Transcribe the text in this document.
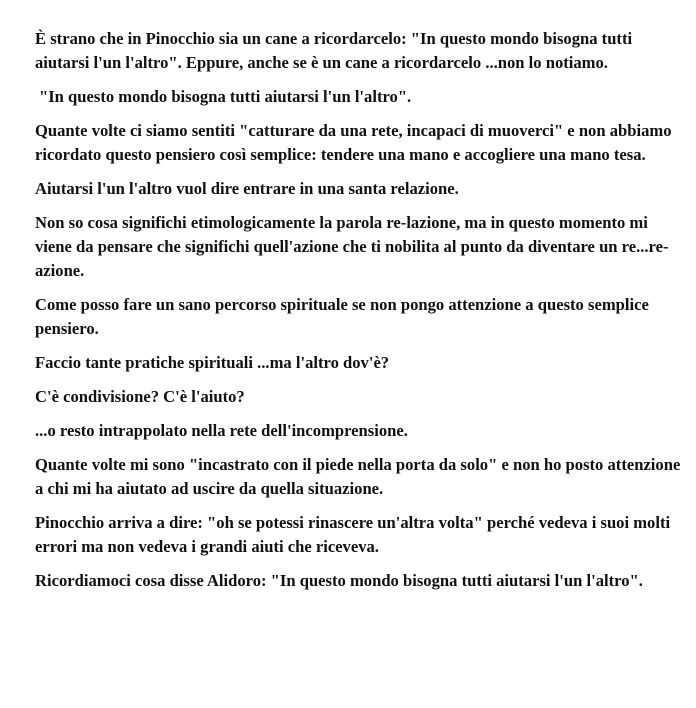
È strano che in Pinocchio sia un cane a ricordarcelo: "In questo mondo bisogna tutti aiutarsi l'un l'altro". Eppure, anche se è un cane a ricordarcelo ...non lo notiamo.

"In questo mondo bisogna tutti aiutarsi l'un l'altro".

Quante volte ci siamo sentiti "catturare da una rete, incapaci di muoverci" e non abbiamo ricordato questo pensiero così semplice: tendere una mano e accogliere una mano tesa.

Aiutarsi l'un l'altro vuol dire entrare in una santa relazione.

Non so cosa significhi etimologicamente la parola re-lazione, ma in questo momento mi viene da pensare che significhi quell'azione che ti nobilita al punto da diventare un re...re-azione.

Come posso fare un sano percorso spirituale se non pongo attenzione a questo semplice pensiero.

Faccio tante pratiche spirituali ...ma l'altro dov'è?

C'è condivisione? C'è l'aiuto?

...o resto intrappolato nella rete dell'incomprensione.

Quante volte mi sono "incastrato con il piede nella porta da solo" e non ho posto attenzione a chi mi ha aiutato ad uscire da quella situazione.

Pinocchio arriva a dire: "oh se potessi rinascere un'altra volta" perché vedeva i suoi molti errori ma non vedeva i grandi aiuti che riceveva.

Ricordiamoci cosa disse Alidoro: "In questo mondo bisogna tutti aiutarsi l'un l'altro".
